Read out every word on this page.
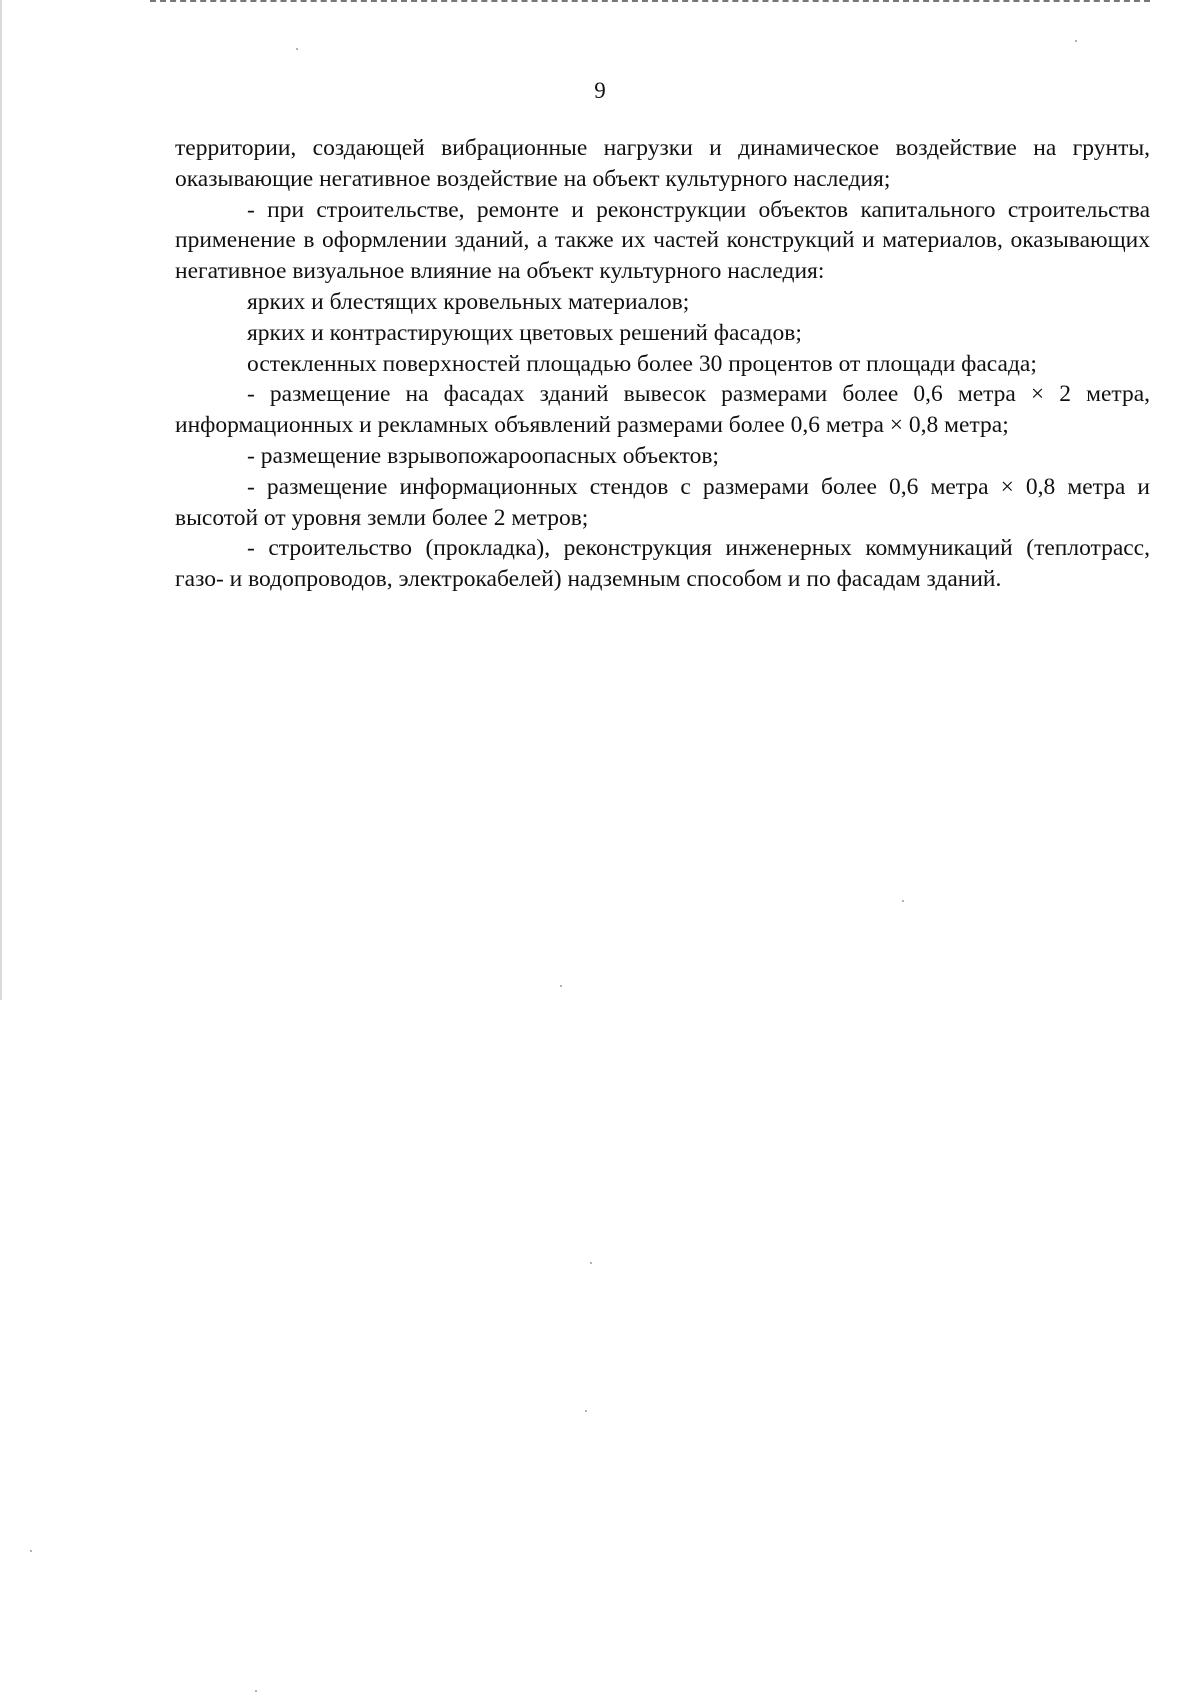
9

территории, создающей вибрационные нагрузки и динамическое воздействие на грунты, оказывающие негативное воздействие на объект культурного наследия;

- при строительстве, ремонте и реконструкции объектов капитального строительства применение в оформлении зданий, а также их частей конструкций и материалов, оказывающих негативное визуальное влияние на объект культурного наследия:

ярких и блестящих кровельных материалов;

ярких и контрастирующих цветовых решений фасадов;

остекленных поверхностей площадью более 30 процентов от площади фасада;

- размещение на фасадах зданий вывесок размерами более 0,6 метра × 2 метра, информационных и рекламных объявлений размерами более 0,6 метра × 0,8 метра;

- размещение взрывопожароопасных объектов;

- размещение информационных стендов с размерами более 0,6 метра × 0,8 метра и высотой от уровня земли более 2 метров;

- строительство (прокладка), реконструкция инженерных коммуникаций (теплотрасс, газо- и водопроводов, электрокабелей) надземным способом и по фасадам зданий.
